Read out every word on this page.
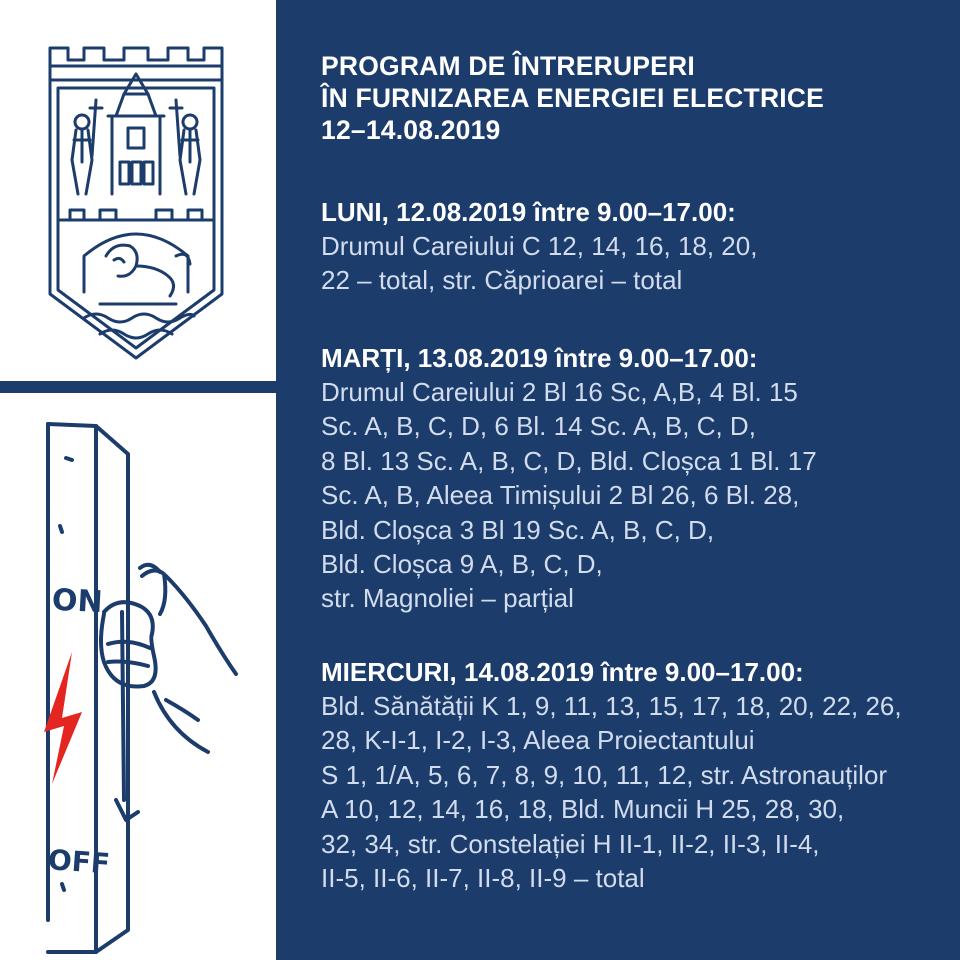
ON
OFF
PROGRAM DE ÎNTRERUPERI
ÎN FURNIZAREA ENERGIEI ELECTRICE
12–14.08.2019

LUNI, 12.08.2019 între 9.00–17.00:

Drumul Careiului C 12, 14, 16, 18, 20,
22 – total, str. Căprioarei – total

MARȚI, 13.08.2019 între 9.00–17.00:

Drumul Careiului 2 Bl 16 Sc, A,B, 4 Bl. 15
Sc. A, B, C, D, 6 Bl. 14 Sc. A, B, C, D,
8 Bl. 13 Sc. A, B, C, D, Bld. Cloșca 1 Bl. 17
Sc. A, B, Aleea Timișului 2 Bl 26, 6 Bl. 28,
Bld. Cloșca 3 Bl 19 Sc. A, B, C, D,
Bld. Cloșca 9 A, B, C, D,
str. Magnoliei – parțial

MIERCURI, 14.08.2019 între 9.00–17.00:

Bld. Sănătății K 1, 9, 11, 13, 15, 17, 18, 20, 22, 26,
28, K-I-1, I-2, I-3, Aleea Proiectantului
S 1, 1/A, 5, 6, 7, 8, 9, 10, 11, 12, str. Astronauților
A 10, 12, 14, 16, 18, Bld. Muncii H 25, 28, 30,
32, 34, str. Constelației H II-1, II-2, II-3, II-4,
II-5, II-6, II-7, II-8, II-9 – total
